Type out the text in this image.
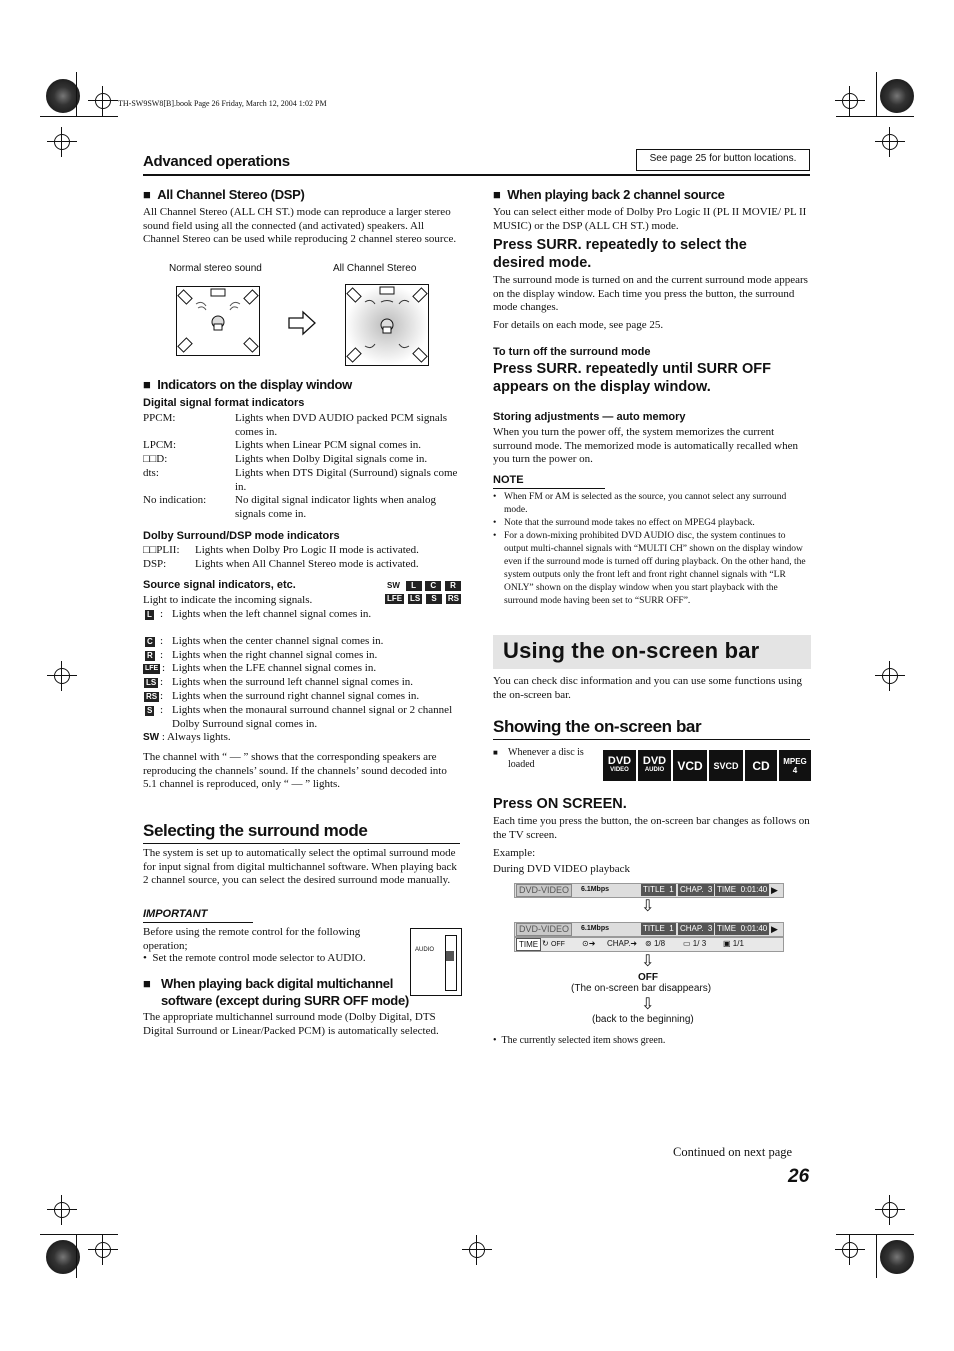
TH-SW9SW8[B].book Page 26 Friday, March 12, 2004 1:02 PM
Advanced operations	See page 25 for button locations.
■  All Channel Stereo (DSP)
All Channel Stereo (ALL CH ST.) mode can reproduce a larger stereo sound field using all the connected (and activated) speakers. All Channel Stereo can be used while reproducing 2 channel stereo source.
Normal stereo sound	All Channel Stereo
■  Indicators on the display window
Digital signal format indicators
PPCM:	Lights when DVD AUDIO packed PCM signals comes in.
LPCM:	Lights when Linear PCM signal comes in.
□□D:	Lights when Dolby Digital signals come in.
dts:	Lights when DTS Digital (Surround) signals come in.
No indication:	No digital signal indicator lights when analog signals come in.
Dolby Surround/DSP mode indicators
□□PLII: Lights when Dolby Pro Logic II mode is activated.
DSP:	Lights when All Channel Stereo mode is activated.
Source signal indicators, etc.
Light to indicate the incoming signals.
SW	L	C	R
LFE LS	S	RS
L : Lights when the left channel signal comes in.
C : Lights when the center channel signal comes in.
R : Lights when the right channel signal comes in.
LFE : Lights when the LFE channel signal comes in.
LS : Lights when the surround left channel signal comes in.
RS : Lights when the surround right channel signal comes in.
S : Lights when the monaural surround channel signal or 2 channel Dolby Surround signal comes in.
SW : Always lights.
The channel with “ — ” shows that the corresponding speakers are reproducing the channels’ sound. If the channels’ sound decoded into 5.1 channel is reproduced, only “ — ” lights.
Selecting the surround mode
The system is set up to automatically select the optimal surround mode for input signal from digital multichannel software. When playing back 2 channel source, you can select the desired surround mode manually.
IMPORTANT
Before using the remote control for the following operation;
•  Set the remote control mode selector to AUDIO.
AUDIO
■ When playing back digital multichannel software (except during SURR OFF mode)
The appropriate multichannel surround mode (Dolby Digital, DTS Digital Surround or Linear/Packed PCM) is automatically selected.
■  When playing back 2 channel source
You can select either mode of Dolby Pro Logic II (PL II MOVIE/ PL II MUSIC) or the DSP (ALL CH ST.) mode.
Press SURR. repeatedly to select the desired mode.
The surround mode is turned on and the current surround mode appears on the display window. Each time you press the button, the surround mode changes.
For details on each mode, see page 25.
To turn off the surround mode
Press SURR. repeatedly until SURR OFF appears on the display window.
Storing adjustments — auto memory
When you turn the power off, the system memorizes the current surround mode. The memorized mode is automatically recalled when you turn the power on.
NOTE
• When FM or AM is selected as the source, you cannot select any surround mode.
• Note that the surround mode takes no effect on MPEG4 playback.
• For a down-mixing prohibited DVD AUDIO disc, the system continues to output multi-channel signals with “MULTI CH” shown on the display window even if the surround mode is turned off during playback. On the other hand, the system outputs only the front left and front right channel signals with “LR ONLY” shown on the display window when you start playback with the surround mode having been set to “SURR OFF”.
Using the on-screen bar
You can check disc information and you can use some functions using the on-screen bar.
Showing the on-screen bar
■ Whenever a disc is loaded	DVD
VIDEO
DVD
AUDIO	VCD	SVCD	CD	MPEG
4
Press ON SCREEN.
Each time you press the button, the on-screen bar changes as follows on the TV screen.
Example:
During DVD VIDEO playback
DVD-VIDEO	6.1Mbps	TITLE 1 CHAP. 3 TIME 0:01:40 ▶
⇩
DVD-VIDEO	6.1Mbps	TITLE 1 CHAP. 3 TIME 0:01:40 ▶
TIME ↻ OFF ⊙➜ CHAP.➜ ⊚ 1/8 ▭ 1/ 3 ▣ 1/1
⇩
OFF
(The on-screen bar disappears)
⇩
(back to the beginning)
•  The currently selected item shows green.
Continued on next page
26
